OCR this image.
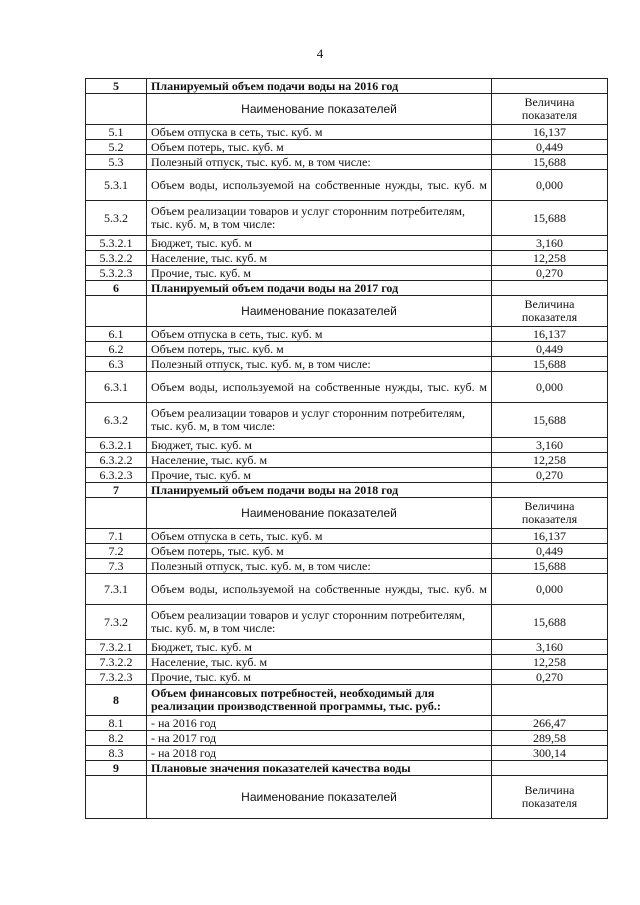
4
5	Планируемый объем подачи воды на 2016 год	
	Наименование показателей	Величина показателя
5.1	Объем отпуска в сеть, тыс. куб. м	16,137
5.2	Объем потерь, тыс. куб. м	0,449
5.3	Полезный отпуск, тыс. куб. м, в том числе:	15,688
5.3.1	Объем воды, используемой на собственные нужды, тыс. куб. м	0,000
5.3.2	Объем реализации товаров и услуг сторонним потребителям, тыс. куб. м, в том числе:	15,688
5.3.2.1	Бюджет, тыс. куб. м	3,160
5.3.2.2	Население, тыс. куб. м	12,258
5.3.2.3	Прочие, тыс. куб. м	0,270
6	Планируемый объем подачи воды на 2017 год	
	Наименование показателей	Величина показателя
6.1	Объем отпуска в сеть, тыс. куб. м	16,137
6.2	Объем потерь, тыс. куб. м	0,449
6.3	Полезный отпуск, тыс. куб. м, в том числе:	15,688
6.3.1	Объем воды, используемой на собственные нужды, тыс. куб. м	0,000
6.3.2	Объем реализации товаров и услуг сторонним потребителям, тыс. куб. м, в том числе:	15,688
6.3.2.1	Бюджет, тыс. куб. м	3,160
6.3.2.2	Население, тыс. куб. м	12,258
6.3.2.3	Прочие, тыс. куб. м	0,270
7	Планируемый объем подачи воды на 2018 год	
	Наименование показателей	Величина показателя
7.1	Объем отпуска в сеть, тыс. куб. м	16,137
7.2	Объем потерь, тыс. куб. м	0,449
7.3	Полезный отпуск, тыс. куб. м, в том числе:	15,688
7.3.1	Объем воды, используемой на собственные нужды, тыс. куб. м	0,000
7.3.2	Объем реализации товаров и услуг сторонним потребителям, тыс. куб. м, в том числе:	15,688
7.3.2.1	Бюджет, тыс. куб. м	3,160
7.3.2.2	Население, тыс. куб. м	12,258
7.3.2.3	Прочие, тыс. куб. м	0,270
8	Объем финансовых потребностей, необходимый для реализации производственной программы, тыс. руб.:	
8.1	- на 2016 год	266,47
8.2	- на 2017 год	289,58
8.3	- на 2018 год	300,14
9	Плановые значения показателей качества воды	
	Наименование показателей	Величина показателя
